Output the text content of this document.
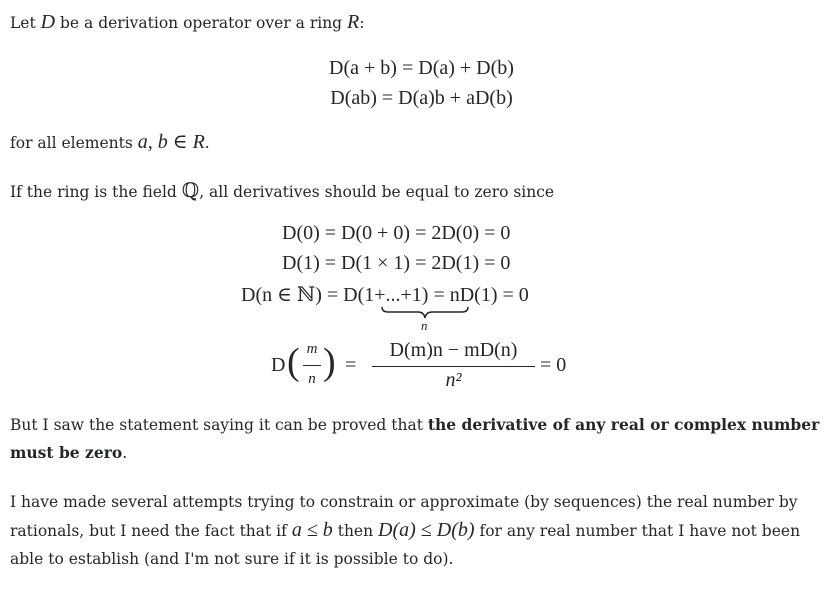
Let D be a derivation operator over a ring R:

D(a + b) = D(a) + D(b)
D(ab) = D(a)b + aD(b)

for all elements a, b ∈ R.

If the ring is the field ℚ, all derivatives should be equal to zero since

D(0) = D(0 + 0) = 2D(0) = 0
D(1) = D(1 × 1) = 2D(1) = 0
D(n ∈ ℕ) = D(1+...+1) = nD(1) = 0
n
D ( m
n ) =
D(m)n − mD(n)
n²
= 0

But I saw the statement saying it can be proved that the derivative of any real or complex number must be zero.

I have made several attempts trying to constrain or approximate (by sequences) the real number by rationals, but I need the fact that if a ≤ b then D(a) ≤ D(b) for any real number that I have not been able to establish (and I'm not sure if it is possible to do).
